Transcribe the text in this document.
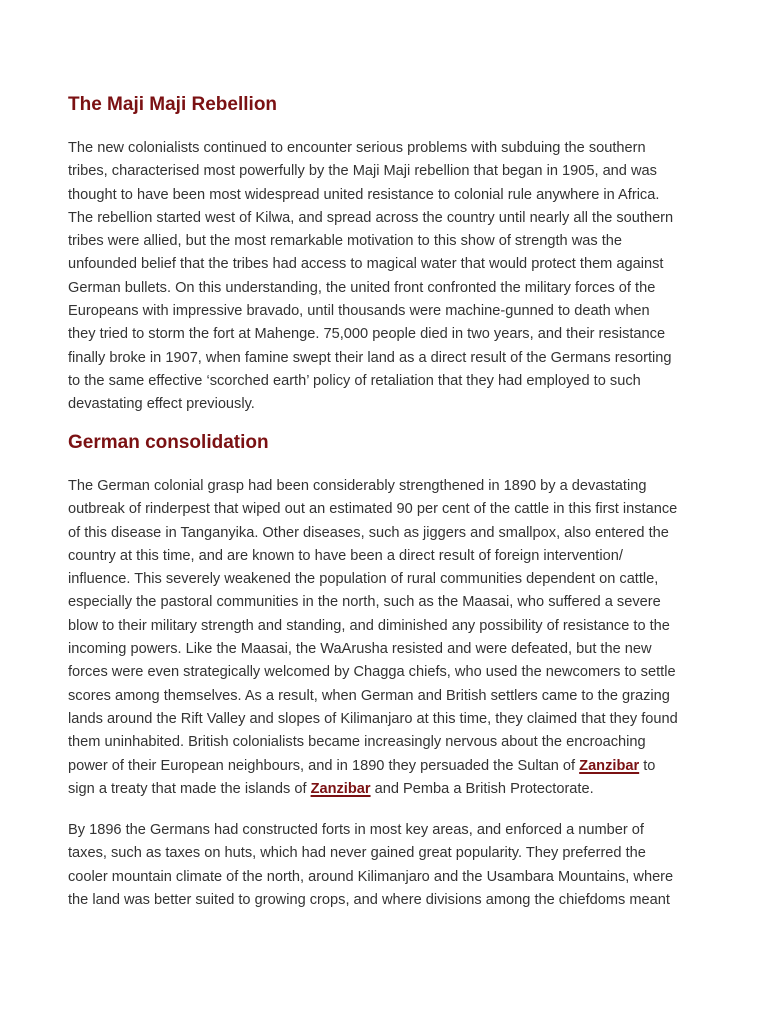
The Maji Maji Rebellion

The new colonialists continued to encounter serious problems with subduing the southern
tribes, characterised most powerfully by the Maji Maji rebellion that began in 1905, and was
thought to have been most widespread united resistance to colonial rule anywhere in Africa.
The rebellion started west of Kilwa, and spread across the country until nearly all the southern
tribes were allied, but the most remarkable motivation to this show of strength was the
unfounded belief that the tribes had access to magical water that would protect them against
German bullets. On this understanding, the united front confronted the military forces of the
Europeans with impressive bravado, until thousands were machine-gunned to death when
they tried to storm the fort at Mahenge. 75,000 people died in two years, and their resistance
finally broke in 1907, when famine swept their land as a direct result of the Germans resorting
to the same effective ‘scorched earth’ policy of retaliation that they had employed to such
devastating effect previously.

German consolidation

The German colonial grasp had been considerably strengthened in 1890 by a devastating
outbreak of rinderpest that wiped out an estimated 90 per cent of the cattle in this first instance
of this disease in Tanganyika. Other diseases, such as jiggers and smallpox, also entered the
country at this time, and are known to have been a direct result of foreign intervention/
influence. This severely weakened the population of rural communities dependent on cattle,
especially the pastoral communities in the north, such as the Maasai, who suffered a severe
blow to their military strength and standing, and diminished any possibility of resistance to the
incoming powers. Like the Maasai, the WaArusha resisted and were defeated, but the new
forces were even strategically welcomed by Chagga chiefs, who used the newcomers to settle
scores among themselves. As a result, when German and British settlers came to the grazing
lands around the Rift Valley and slopes of Kilimanjaro at this time, they claimed that they found
them uninhabited. British colonialists became increasingly nervous about the encroaching
power of their European neighbours, and in 1890 they persuaded the Sultan of Zanzibar to
sign a treaty that made the islands of Zanzibar and Pemba a British Protectorate.

By 1896 the Germans had constructed forts in most key areas, and enforced a number of
taxes, such as taxes on huts, which had never gained great popularity. They preferred the
cooler mountain climate of the north, around Kilimanjaro and the Usambara Mountains, where
the land was better suited to growing crops, and where divisions among the chiefdoms meant
